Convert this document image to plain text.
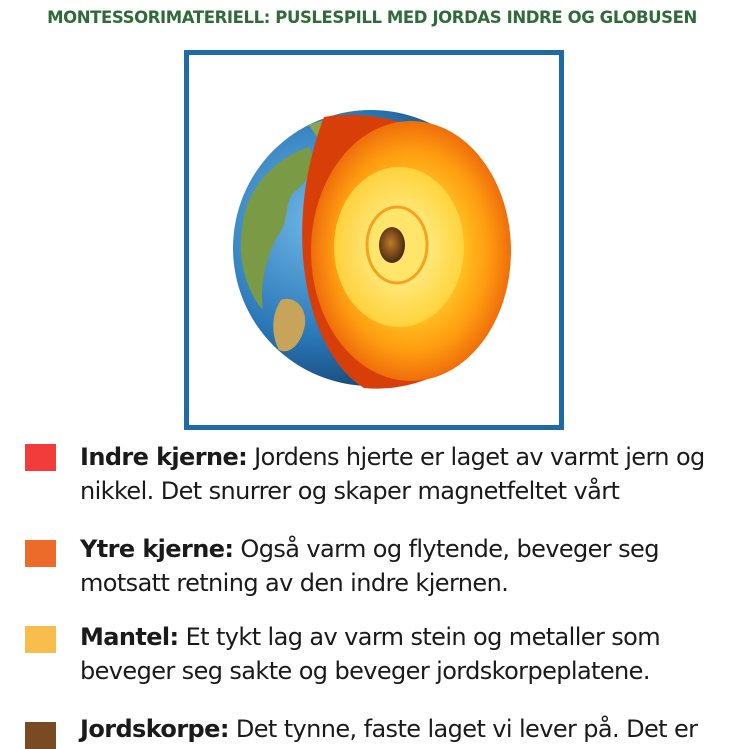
MONTESSORIMATERIELL: PUSLESPILL MED JORDAS INDRE OG GLOBUSEN
Indre kjerne: Jordens hjerte er laget av varmt jern og
nikkel. Det snurrer og skaper magnetfeltet vårt
Ytre kjerne: Også varm og flytende, beveger seg
motsatt retning av den indre kjernen.
Mantel: Et tykt lag av varm stein og metaller som
beveger seg sakte og beveger jordskorpeplatene.
Jordskorpe: Det tynne, faste laget vi lever på. Det er
